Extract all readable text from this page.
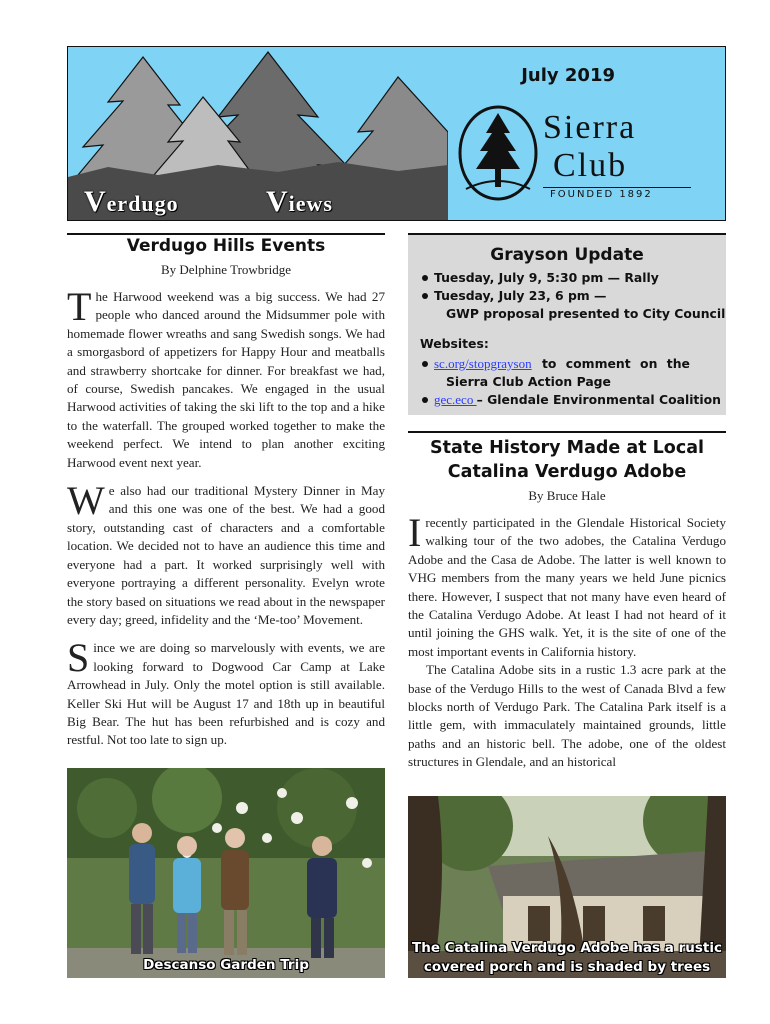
Verdugo	Views
July 2019
Sierra
Club
FOUNDED 1892
Verdugo Hills Events
By Delphine Trowbridge

The Harwood weekend was a big success. We had 27 people who danced around the Midsummer pole with homemade flower wreaths and sang Swedish songs. We had a smorgasbord of appetizers for Happy Hour and meatballs and strawberry shortcake for dinner. For breakfast we had, of course, Swedish pancakes. We engaged in the usual Harwood activities of taking the ski lift to the top and a hike to the waterfall. The grouped worked together to make the weekend perfect. We intend to plan another exciting Harwood event next year.

We also had our traditional Mystery Dinner in May and this one was one of the best. We had a good story, outstanding cast of characters and a comfortable location. We decided not to have an audience this time and everyone had a part. It worked surprisingly well with everyone portraying a different personality. Evelyn wrote the story based on situations we read about in the newspaper every day; greed, infidelity and the ‘Me-too’ Movement.

Since we are doing so marvelously with events, we are looking forward to Dogwood Car Camp at Lake Arrowhead in July. Only the motel option is still available. Keller Ski Hut will be August 17 and 18th up in beautiful Big Bear. The hut has been refurbished and is cozy and restful. Not too late to sign up.

Descanso Garden Trip
Grayson Update
Tuesday, July 9, 5:30 pm — Rally
Tuesday, July 23, 6 pm —
GWP proposal presented to City Council
Websites:
sc.org/stopgrayson to comment on the
Sierra Club Action Page
gec.eco – Glendale Environmental Coalition
State History Made at Local
Catalina Verdugo Adobe
By Bruce Hale

Irecently participated in the Glendale Historical Society walking tour of the two adobes, the Catalina Verdugo Adobe and the Casa de Adobe. The latter is well known to VHG members from the many years we held June picnics there. However, I suspect that not many have even heard of the Catalina Verdugo Adobe. At least I had not heard of it until joining the GHS walk. Yet, it is the site of one of the most important events in California history.

The Catalina Adobe sits in a rustic 1.3 acre park at the base of the Verdugo Hills to the west of Canada Blvd a few blocks north of Verdugo Park. The Catalina Park itself is a little gem, with immaculately maintained grounds, little paths and an historic bell. The adobe, one of the oldest structures in Glendale, and an historical

The Catalina Verdugo Adobe has a rustic
covered porch and is shaded by trees
